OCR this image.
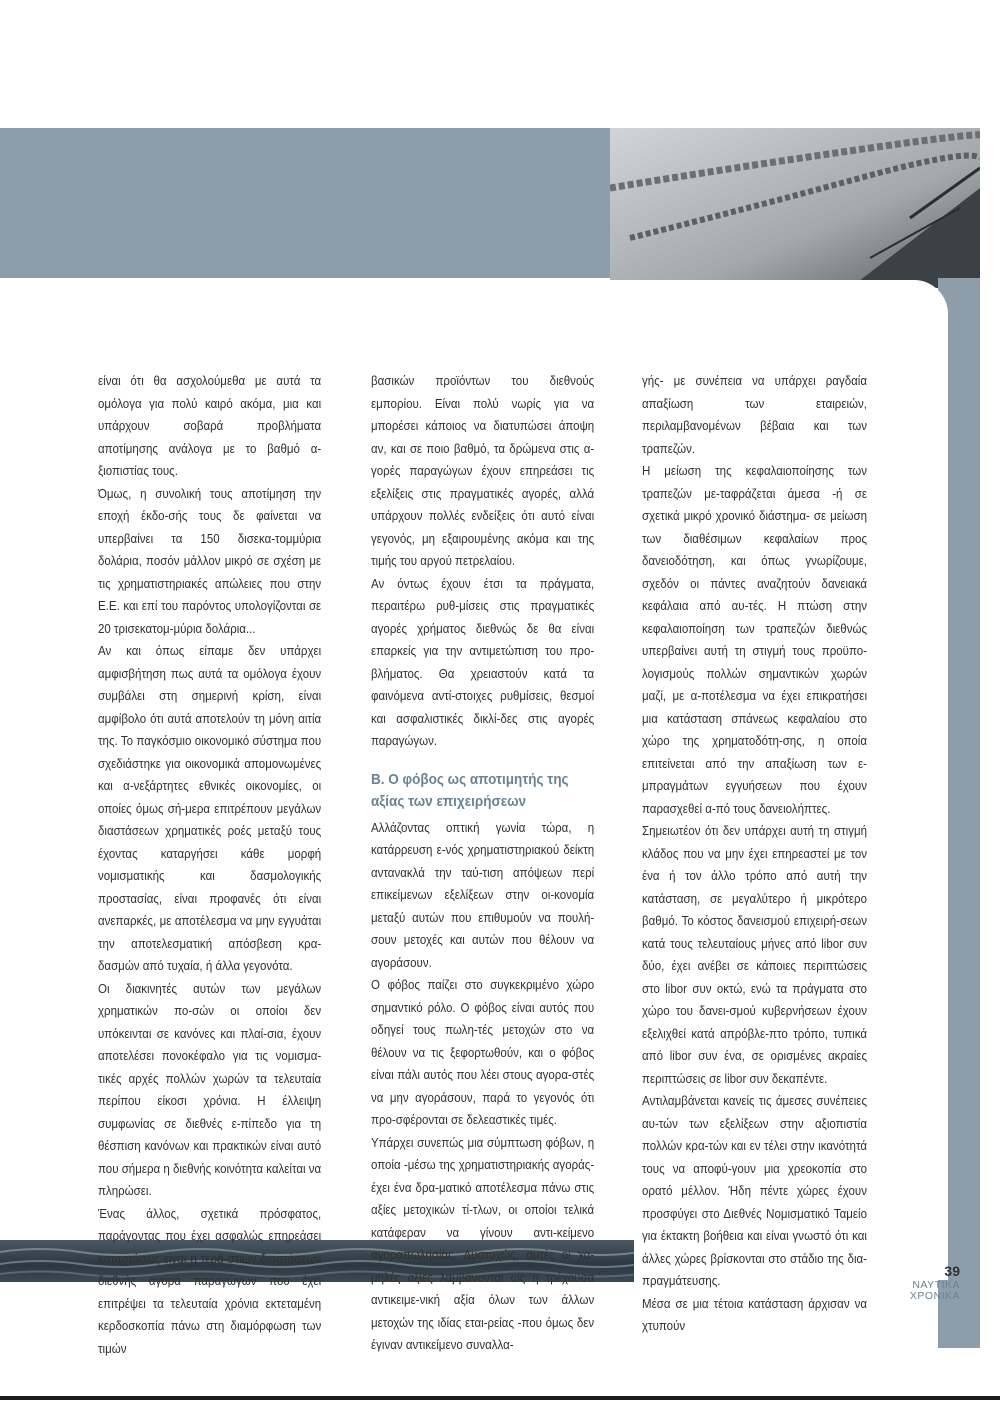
είναι ότι θα ασχολούμεθα με αυτά τα ομόλογα για πολύ καιρό ακόμα, μια και υπάρχουν σοβαρά προβλήματα αποτίμησης ανάλογα με το βαθμό α-ξιοπιστίας τους.

Όμως, η συνολική τους αποτίμηση την εποχή έκδο-σής τους δε φαίνεται να υπερβαίνει τα 150 δισεκα-τομμύρια δολάρια, ποσόν μάλλον μικρό σε σχέση με τις χρηματιστηριακές απώλειες που στην Ε.Ε. και επί του παρόντος υπολογίζονται σε 20 τρισεκατομ-μύρια δολάρια...

Αν και όπως είπαμε δεν υπάρχει αμφισβήτηση πως αυτά τα ομόλογα έχουν συμβάλει στη σημερινή κρίση, είναι αμφίβολο ότι αυτά αποτελούν τη μόνη αιτία της. Το παγκόσμιο οικονομικό σύστημα που σχεδιάστηκε για οικονομικά απομονωμένες και α-νεξάρτητες εθνικές οικονομίες, οι οποίες όμως σή-μερα επιτρέπουν μεγάλων διαστάσεων χρηματικές ροές μεταξύ τους έχοντας καταργήσει κάθε μορφή νομισματικής και δασμολογικής προστασίας, είναι προφανές ότι είναι ανεπαρκές, με αποτέλεσμα να μην εγγυάται την αποτελεσματική απόσβεση κρα-δασμών από τυχαία, ή άλλα γεγονότα.

Οι διακινητές αυτών των μεγάλων χρηματικών πο-σών οι οποίοι δεν υπόκεινται σε κανόνες και πλαί-σια, έχουν αποτελέσει πονοκέφαλο για τις νομισμα-τικές αρχές πολλών χωρών τα τελευταία περίπου είκοσι χρόνια. Η έλλειψη συμφωνίας σε διεθνές ε-πίπεδο για τη θέσπιση κανόνων και πρακτικών είναι αυτό που σήμερα η διεθνής κοινότητα καλείται να πληρώσει.

Ένας άλλος, σχετικά πρόσφατος, παράγοντας που έχει ασφαλώς επηρεάσει καταστάσεις είναι η τερά-στιων διαστάσεων διεθνής αγορά παραγώγων που έχει επιτρέψει τα τελευταία χρόνια εκτεταμένη κερδοσκοπία πάνω στη διαμόρφωση των τιμών

βασικών προϊόντων του διεθνούς εμπορίου. Είναι πολύ νωρίς για να μπορέσει κάποιος να διατυπώσει άποψη αν, και σε ποιο βαθμό, τα δρώμενα στις α-γορές παραγώγων έχουν επηρεάσει τις εξελίξεις στις πραγματικές αγορές, αλλά υπάρχουν πολλές ενδείξεις ότι αυτό είναι γεγονός, μη εξαιρουμένης ακόμα και της τιμής του αργού πετρελαίου.

Αν όντως έχουν έτσι τα πράγματα, περαιτέρω ρυθ-μίσεις στις πραγματικές αγορές χρήματος διεθνώς δε θα είναι επαρκείς για την αντιμετώπιση του προ-βλήματος. Θα χρειαστούν κατά τα φαινόμενα αντί-στοιχες ρυθμίσεις, θεσμοί και ασφαλιστικές δικλί-δες στις αγορές παραγώγων.

Β. Ο φόβος ως αποτιμητής της αξίας των επιχειρήσεων

Αλλάζοντας οπτική γωνία τώρα, η κατάρρευση ε-νός χρηματιστηριακού δείκτη αντανακλά την ταύ-τιση απόψεων περί επικείμενων εξελίξεων στην οι-κονομία μεταξύ αυτών που επιθυμούν να πουλή-σουν μετοχές και αυτών που θέλουν να αγοράσουν.

Ο φόβος παίζει στο συγκεκριμένο χώρο σημαντικό ρόλο. Ο φόβος είναι αυτός που οδηγεί τους πωλη-τές μετοχών στο να θέλουν να τις ξεφορτωθούν, και ο φόβος είναι πάλι αυτός που λέει στους αγορα-στές να μην αγοράσουν, παρά το γεγονός ότι προ-σφέρονται σε δελεαστικές τιμές.

Υπάρχει συνεπώς μια σύμπτωση φόβων, η οποία -μέσω της χρηματιστηριακής αγοράς- έχει ένα δρα-ματικό αποτέλεσμα πάνω στις αξίες μετοχικών τί-τλων, οι οποίοι τελικά κατάφεραν να γίνουν αντι-κείμενο αγοραπωλησίας. Δυστυχώς, αυτές οι χα-μηλές αξίες λαμβάνονται ως η τρέχουσα αντικειμε-νική αξία όλων των άλλων μετοχών της ιδίας εται-ρείας -που όμως δεν έγιναν αντικείμενο συναλλα-

γής- με συνέπεια να υπάρχει ραγδαία απαξίωση των εταιρειών, περιλαμβανομένων βέβαια και των τραπεζών.

Η μείωση της κεφαλαιοποίησης των τραπεζών με-ταφράζεται άμεσα -ή σε σχετικά μικρό χρονικό διάστημα- σε μείωση των διαθέσιμων κεφαλαίων προς δανειοδότηση, και όπως γνωρίζουμε, σχεδόν οι πάντες αναζητούν δανειακά κεφάλαια από αυ-τές. Η πτώση στην κεφαλαιοποίηση των τραπεζών διεθνώς υπερβαίνει αυτή τη στιγμή τους προϋπο-λογισμούς πολλών σημαντικών χωρών μαζί, με α-ποτέλεσμα να έχει επικρατήσει μια κατάσταση σπάνεως κεφαλαίου στο χώρο της χρηματοδότη-σης, η οποία επιτείνεται από την απαξίωση των ε-μπραγμάτων εγγυήσεων που έχουν παρασχεθεί α-πό τους δανειολήπτες.

Σημειωτέον ότι δεν υπάρχει αυτή τη στιγμή κλάδος που να μην έχει επηρεαστεί με τον ένα ή τον άλλο τρόπο από αυτή την κατάσταση, σε μεγαλύτερο ή μικρότερο βαθμό. Το κόστος δανεισμού επιχειρή-σεων κατά τους τελευταίους μήνες από libor συν δύο, έχει ανέβει σε κάποιες περιπτώσεις στο libor συν οκτώ, ενώ τα πράγματα στο χώρο του δανει-σμού κυβερνήσεων έχουν εξελιχθεί κατά απρόβλε-πτο τρόπο, τυπικά από libor συν ένα, σε ορισμένες ακραίες περιπτώσεις σε libor συν δεκαπέντε.

Αντιλαμβάνεται κανείς τις άμεσες συνέπειες αυ-τών των εξελίξεων στην αξιοπιστία πολλών κρα-τών και εν τέλει στην ικανότητά τους να αποφύ-γουν μια χρεοκοπία στο ορατό μέλλον. Ήδη πέντε χώρες έχουν προσφύγει στο Διεθνές Νομισματικό Ταμείο για έκτακτη βοήθεια και είναι γνωστό ότι και άλλες χώρες βρίσκονται στο στάδιο της δια-πραγμάτευσης.

Μέσα σε μια τέτοια κατάσταση άρχισαν να χτυπούν

39
ΝΑΥΤΙΚΑ
ΧΡΟΝΙΚΑ
